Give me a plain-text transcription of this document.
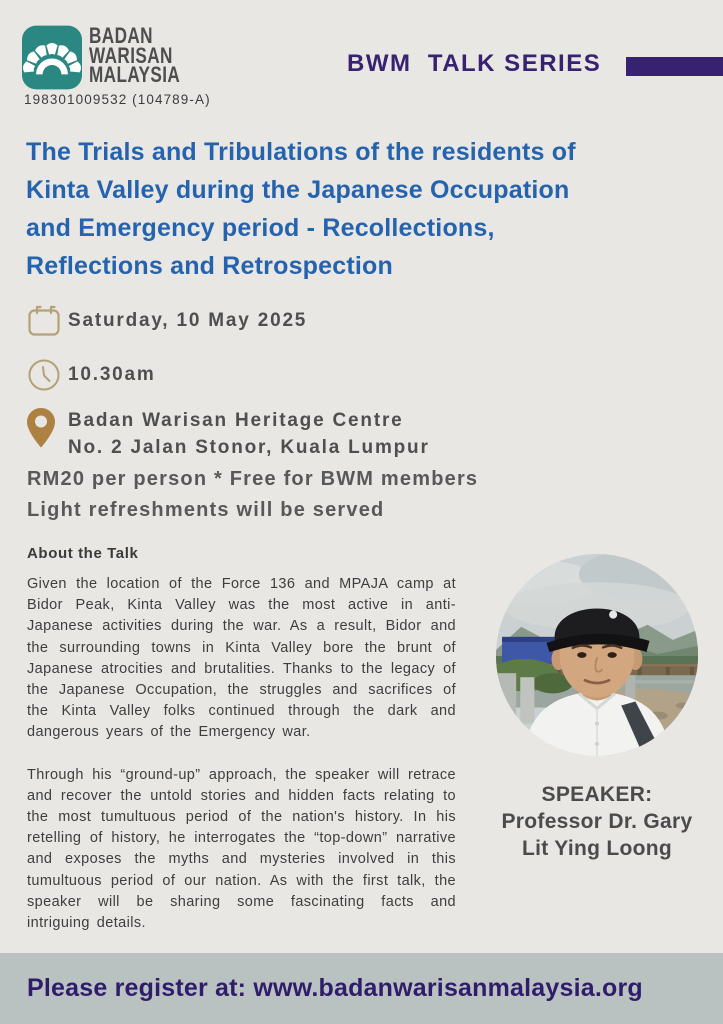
BADAN
WARISAN
MALAYSIA
198301009532 (104789-A)
BWM  TALK SERIES
The Trials and Tribulations of the residents of
Kinta Valley during the Japanese Occupation
and Emergency period - Recollections,
Reflections and Retrospection
Saturday, 10 May 2025
10.30am
Badan Warisan Heritage Centre
No. 2 Jalan Stonor, Kuala Lumpur
RM20 per person * Free for BWM members
Light refreshments will be served
About the Talk

Given the location of the Force 136 and MPAJA camp at Bidor Peak, Kinta Valley was the most active in anti-Japanese activities during the war. As a result, Bidor and the surrounding towns in Kinta Valley bore the brunt of Japanese atrocities and brutalities. Thanks to the legacy of the Japanese Occupation, the struggles and sacrifices of the Kinta Valley folks continued through the dark and dangerous years of the Emergency war.

Through his “ground-up” approach, the speaker will retrace and recover the untold stories and hidden facts relating to the most tumultuous period of the nation's history. In his retelling of history, he interrogates the “top-down” narrative and exposes the myths and mysteries involved in this tumultuous period of our nation. As with the first talk, the speaker will be sharing some fascinating facts and intriguing details.

SPEAKER:
Professor Dr. Gary
Lit Ying Loong
Please register at: www.badanwarisanmalaysia.org
